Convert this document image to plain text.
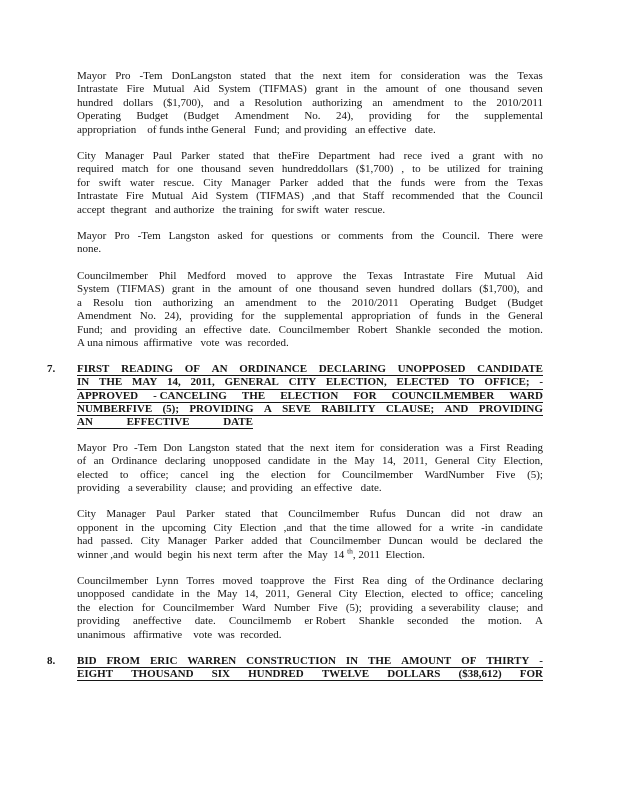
Mayor Pro -Tem DonLangston stated that the next item for consideration was the Texas
Intrastate Fire Mutual Aid System (TIFMAS) grant in the amount of one thousand seven
hundred dollars ($1,700), and a Resolution authorizing an amendment to the 2010/2011
Operating Budget (Budget Amendment No. 24), providing for the supplemental
appropriation    of funds inthe General   Fund;  and providing   an effective   date.
City Manager Paul Parker stated that theFire Department had rece ived a grant with no
required match for one thousand seven hundreddollars ($1,700) , to be utilized for training
for swift water rescue. City Manager Parker added that the funds were from the Texas
Intrastate Fire Mutual Aid System (TIFMAS) ,and that Staff recommended that the Council
accept  thegrant   and authorize   the training   for swift  water  rescue.
Mayor Pro -Tem Langston asked for questions or comments from the Council. There were
none.
Councilmember Phil Medford moved to approve the Texas Intrastate Fire Mutual Aid
System (TIFMAS) grant in the amount of one thousand seven hundred dollars ($1,700), and
a Resolu tion authorizing an amendment to the 2010/2011 Operating Budget (Budget
Amendment No. 24), providing for the supplemental appropriation of funds in the General
Fund; and providing an effective date. Councilmember Robert Shankle seconded the motion.
A una nimous  affirmative   vote  was  recorded.
7. FIRST READING OF AN ORDINANCE DECLARING UNOPPOSED CANDIDATE
IN THE MAY 14, 2011, GENERAL CITY ELECTION, ELECTED TO OFFICE; -
APPROVED - CANCELING THE ELECTION FOR COUNCILMEMBER WARD
NUMBERFIVE (5); PROVIDING A SEVE RABILITY CLAUSE; AND PROVIDING
AN	EFFECTIVE	DATE
Mayor Pro -Tem Don Langston stated that the next item for consideration was a First Reading
of an Ordinance declaring unopposed candidate in the May 14, 2011, General City Election,
elected to office; cancel ing the election for Councilmember WardNumber Five (5);
providing   a severability   clause;  and providing   an effective   date.
City Manager Paul Parker stated that Councilmember Rufus Duncan did not draw an
opponent in the upcoming City Election ,and that the time allowed for a write -in candidate
had passed. City Manager Parker added that Councilmember Duncan would be declared the
winner ,and  would  begin  his next  term  after  the  May  14 $^{th}$, 2011  Election.
Councilmember Lynn Torres moved toapprove the First Rea ding of the Ordinance declaring
unopposed candidate in the May 14, 2011, General City Election, elected to office; canceling
the election for Councilmember Ward Number Five (5); providing a severability clause; and
providing aneffective date. Councilmemb er Robert Shankle seconded the motion. A
unanimous   affirmative    vote  was  recorded.
8. BID FROM ERIC WARREN CONSTRUCTION IN THE AMOUNT OF THIRTY -
EIGHT THOUSAND SIX HUNDRED TWELVE DOLLARS ($38,612) FOR
